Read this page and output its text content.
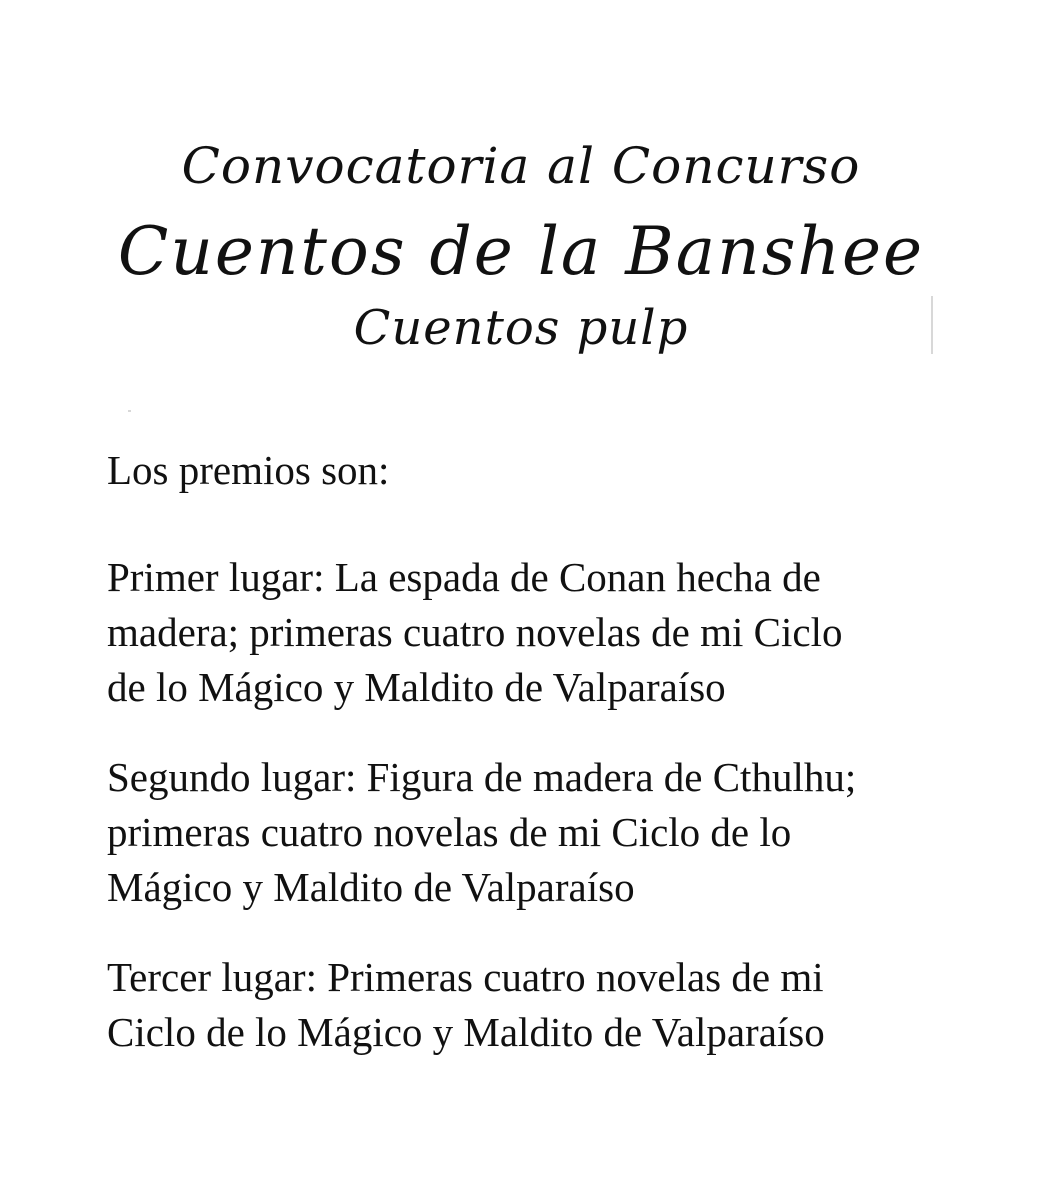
Convocatoria al Concurso
Cuentos de la Banshee
Cuentos pulp
Los premios son:
Primer lugar: La espada de Conan hecha de
madera; primeras cuatro novelas de mi Ciclo
de lo Mágico y Maldito de Valparaíso
Segundo lugar: Figura de madera de Cthulhu;
primeras cuatro novelas de mi Ciclo de lo
Mágico y Maldito de Valparaíso
Tercer lugar: Primeras cuatro novelas de mi
Ciclo de lo Mágico y Maldito de Valparaíso
